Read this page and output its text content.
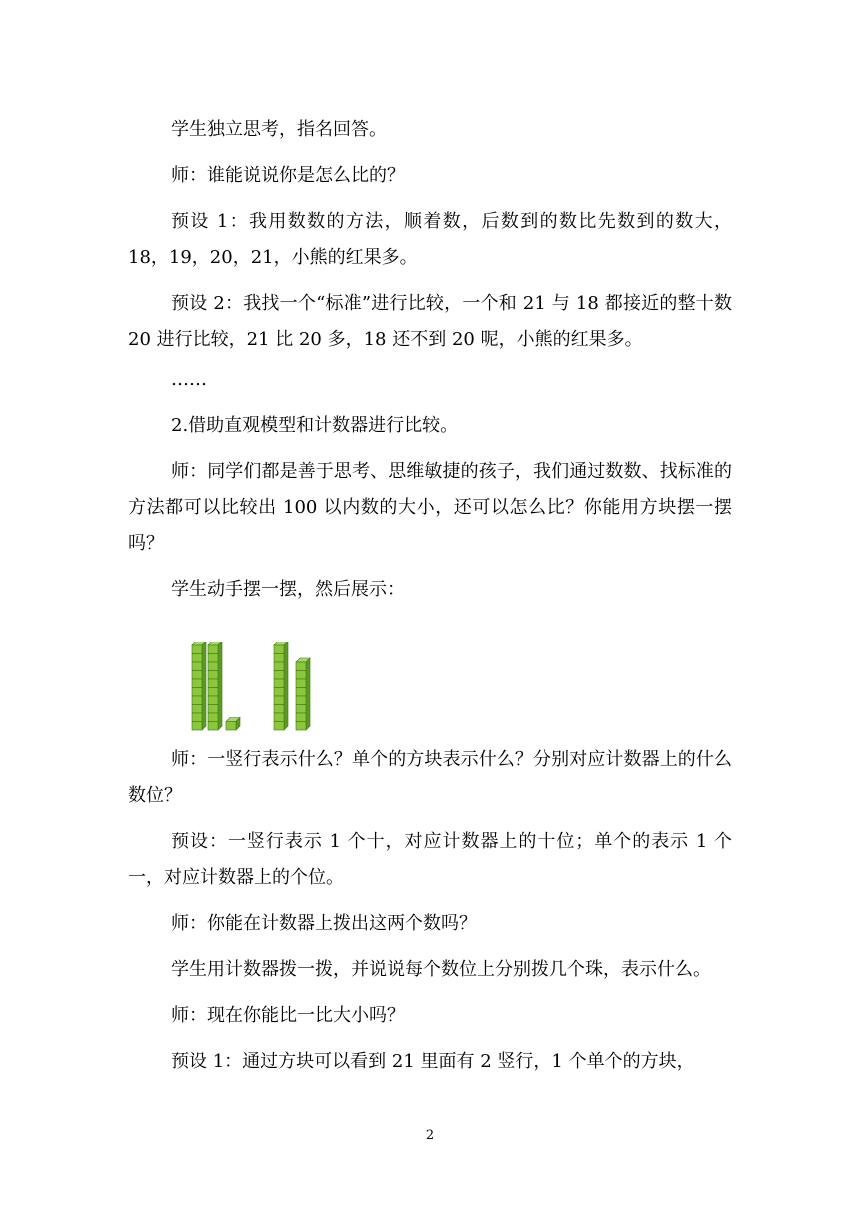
学生独立思考，指名回答。

师：谁能说说你是怎么比的？

预设 1：我用数数的方法，顺着数，后数到的数比先数到的数大，18，19，20，21，小熊的红果多。

预设 2：我找一个“标准”进行比较，一个和 21 与 18 都接近的整十数 20 进行比较，21 比 20 多，18 还不到 20 呢，小熊的红果多。

……

2.借助直观模型和计数器进行比较。

师：同学们都是善于思考、思维敏捷的孩子，我们通过数数、找标准的方法都可以比较出 100 以内数的大小，还可以怎么比？你能用方块摆一摆吗？

学生动手摆一摆，然后展示：

师：一竖行表示什么？单个的方块表示什么？分别对应计数器上的什么数位？

预设：一竖行表示 1 个十，对应计数器上的十位；单个的表示 1 个一，对应计数器上的个位。

师：你能在计数器上拨出这两个数吗？

学生用计数器拨一拨，并说说每个数位上分别拨几个珠，表示什么。

师：现在你能比一比大小吗？

预设 1：通过方块可以看到 21 里面有 2 竖行，1 个单个的方块，

2
